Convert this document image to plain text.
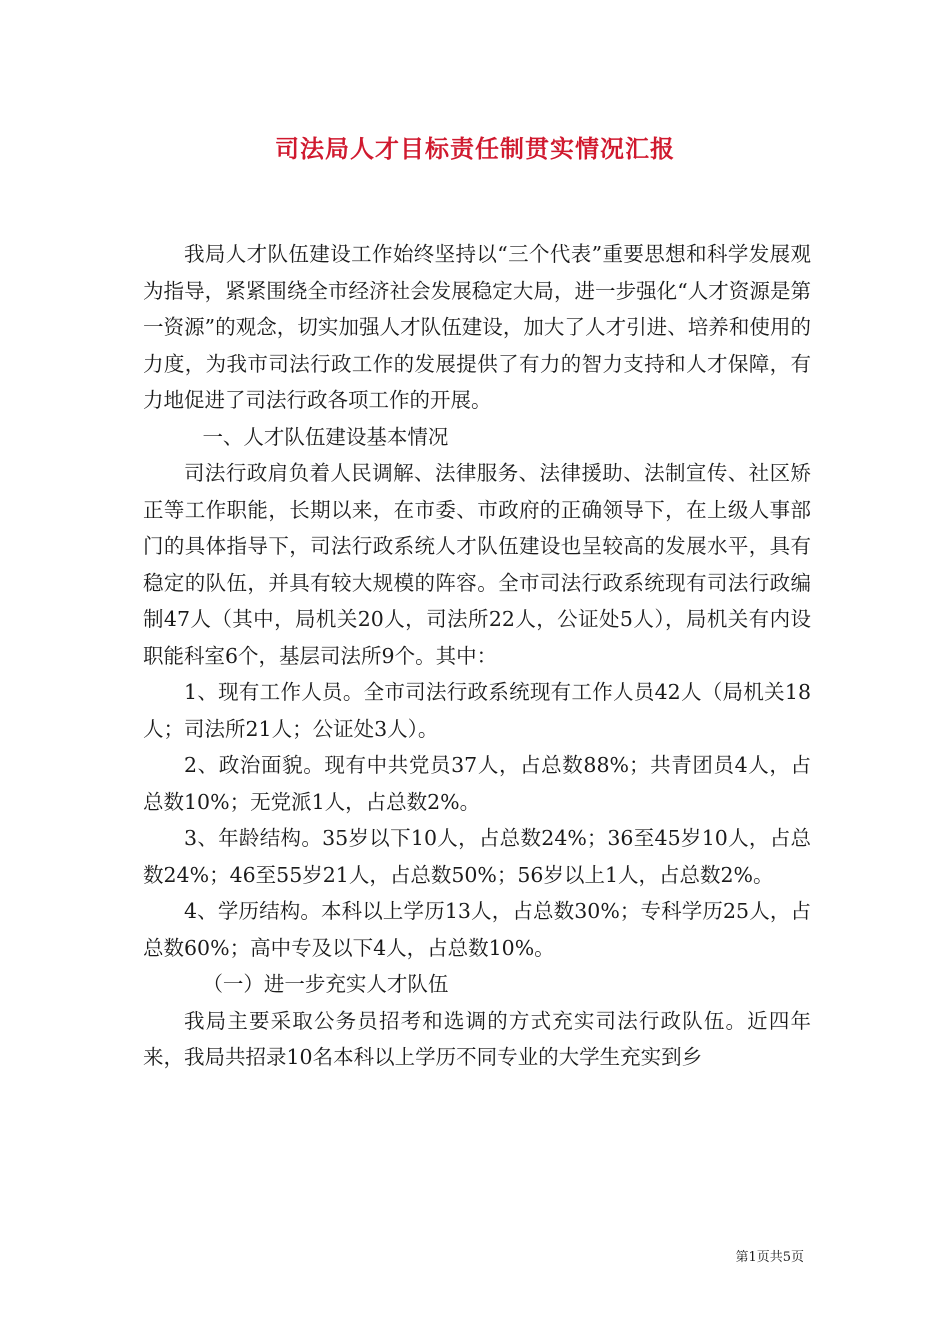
司法局人才目标责任制贯实情况汇报

我局人才队伍建设工作始终坚持以“三个代表”重要思想和科学发展观为指导，紧紧围绕全市经济社会发展稳定大局，进一步强化“人才资源是第一资源”的观念，切实加强人才队伍建设，加大了人才引进、培养和使用的力度，为我市司法行政工作的发展提供了有力的智力支持和人才保障，有力地促进了司法行政各项工作的开展。

一、人才队伍建设基本情况

司法行政肩负着人民调解、法律服务、法律援助、法制宣传、社区矫正等工作职能，长期以来，在市委、市政府的正确领导下，在上级人事部门的具体指导下，司法行政系统人才队伍建设也呈较高的发展水平，具有稳定的队伍，并具有较大规模的阵容。全市司法行政系统现有司法行政编制47人（其中，局机关20人，司法所22人，公证处5人），局机关有内设职能科室6个，基层司法所9个。其中：

1、现有工作人员。全市司法行政系统现有工作人员42人（局机关18人；司法所21人；公证处3人）。

2、政治面貌。现有中共党员37人，占总数88%；共青团员4人，占总数10%；无党派1人，占总数2%。

3、年龄结构。35岁以下10人，占总数24%；36至45岁10人，占总数24%；46至55岁21人，占总数50%；56岁以上1人，占总数2%。

4、学历结构。本科以上学历13人，占总数30%；专科学历25人，占总数60%；高中专及以下4人，占总数10%。

（一）进一步充实人才队伍

我局主要采取公务员招考和选调的方式充实司法行政队伍。近四年来，我局共招录10名本科以上学历不同专业的大学生充实到乡

第1页共5页
